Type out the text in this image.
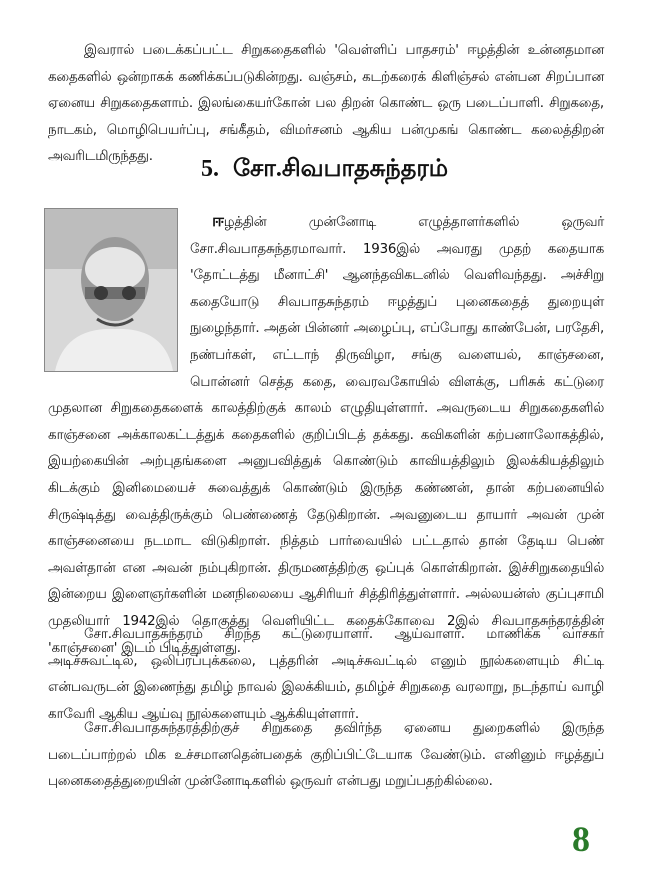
இவரால் படைக்கப்பட்ட சிறுகதைகளில் 'வெள்ளிப் பாதசரம்' ஈழத்தின் உன்னதமான கதைகளில் ஒன்றாகக் கணிக்கப்படுகின்றது. வஞ்சம், கடற்கரைக் கிளிஞ்சல் என்பன சிறப்பான ஏனைய சிறுகதைகளாம். இலங்கையர்கோன் பல திறன் கொண்ட ஒரு படைப்பாளி. சிறுகதை, நாடகம், மொழிபெயர்ப்பு, சங்கீதம், விமர்சனம் ஆகிய பன்முகங் கொண்ட கலைத்திறன் அவரிடமிருந்தது.	5. சோ.சிவபாதசுந்தரம்

ஈழத்தின் முன்னோடி எழுத்தாளர்களில் ஒருவர் சோ.சிவபாதசுந்தரமாவார். 1936இல் அவரது முதற் கதையாக 'தோட்டத்து மீனாட்சி' ஆனந்தவிகடனில் வெளிவந்தது. அச்சிறு கதையோடு சிவபாதசுந்தரம் ஈழத்துப் புனைகதைத் துறையுள் நுழைந்தார். அதன் பின்னர் அழைப்பு, எப்போது காண்பேன், பரதேசி, நண்பர்கள், எட்டாந் திருவிழா, சங்கு வளையல், காஞ்சனை, பொன்னர் செத்த கதை, வைரவகோயில் விளக்கு, பரிசுக் கட்டுரை முதலான சிறுகதைகளைக் காலத்திற்குக் காலம் எழுதியுள்ளார். அவருடைய சிறுகதைகளில் காஞ்சனை அக்காலகட்டத்துக் கதைகளில் குறிப்பிடத் தக்கது. கவிகளின் கற்பனாலோகத்தில், இயற்கையின் அற்புதங்களை அனுபவித்துக் கொண்டும் காவியத்திலும் இலக்கியத்திலும் கிடக்கும் இனிமையைச் சுவைத்துக் கொண்டும் இருந்த கண்ணன், தான் கற்பனையில் சிருஷ்டித்து வைத்திருக்கும் பெண்ணைத் தேடுகிறான். அவனுடைய தாயார் அவன் முன் காஞ்சனையை நடமாட விடுகிறாள். நித்தம் பார்வையில் பட்டதால் தான் தேடிய பெண் அவள்தான் என அவன் நம்புகிறான். திருமணத்திற்கு ஒப்புக் கொள்கிறான். இச்சிறுகதையில் இன்றைய இளைஞர்களின் மனநிலையை ஆசிரியர் சித்திரித்துள்ளார். அல்லயன்ஸ் குப்புசாமி முதலியார் 1942இல் தொகுத்து வெளியிட்ட கதைக்கோவை 2இல் சிவபாதசுந்தரத்தின் 'காஞ்சனை' இடம் பிடித்துள்ளது.

சோ.சிவபாதசுந்தரம் சிறந்த கட்டுரையாளர். ஆய்வாளர். மாணிக்க வாசகர் அடிச்சுவட்டில், ஒலிபரப்புக்கலை, புத்தரின் அடிச்சுவட்டில் எனும் நூல்களையும் சிட்டி என்பவருடன் இணைந்து தமிழ் நாவல் இலக்கியம், தமிழ்ச் சிறுகதை வரலாறு, நடந்தாய் வாழி காவேரி ஆகிய ஆய்வு நூல்களையும் ஆக்கியுள்ளார்.

சோ.சிவபாதசுந்தரத்திற்குச் சிறுகதை தவிர்ந்த ஏனைய துறைகளில் இருந்த படைப்பாற்றல் மிக உச்சமானதென்பதைக் குறிப்பிட்டேயாக வேண்டும். எனினும் ஈழத்துப் புனைகதைத்துறையின் முன்னோடிகளில் ஒருவர் என்பது மறுப்பதற்கில்லை.

8
